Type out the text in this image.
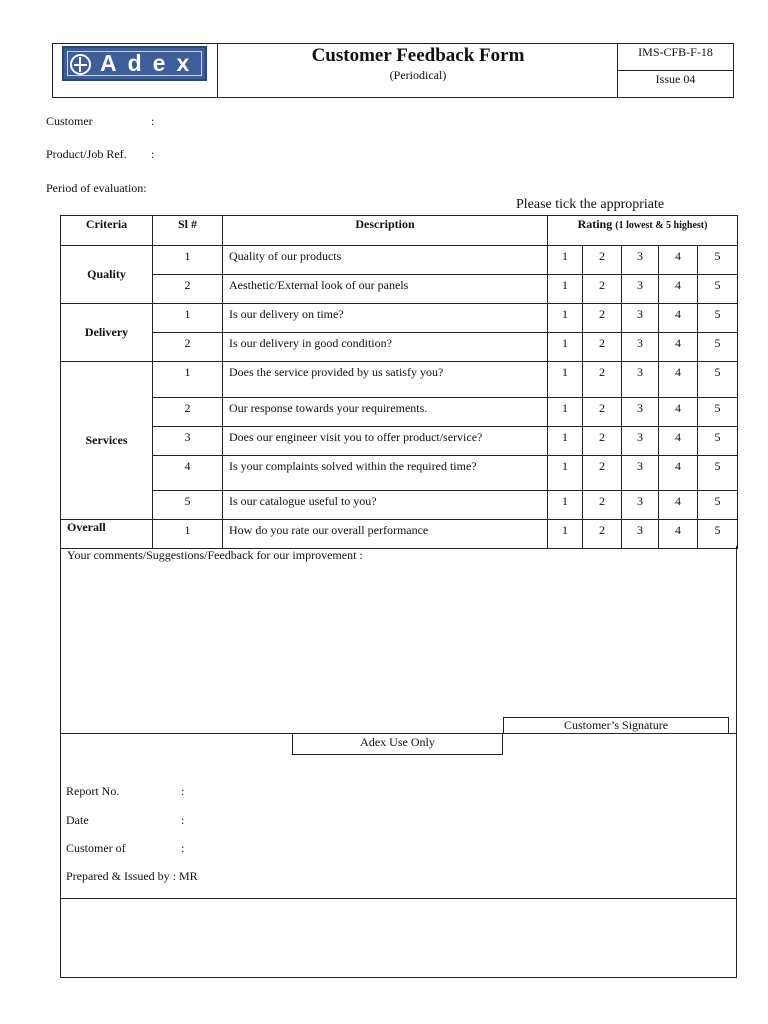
Adex	Customer Feedback Form
(Periodical)
IMS-CFB-F-18
Issue 04
Customer	:
Product/Job Ref. :
Period of evaluation:
Please tick the appropriate
Criteria	Sl #	Description	Rating (1 lowest & 5 highest)				
Quality	1	Quality of our products	1	2	3	4	5
	2	Aesthetic/External look of our panels	1	2	3	4	5
Delivery	1	Is our delivery on time?	1	2	3	4	5
	2	Is our delivery in good condition?	1	2	3	4	5
Services	1	Does the service provided by us satisfy you?	1	2	3	4	5
	2	Our response towards your requirements.	1	2	3	4	5
	3	Does our engineer visit you to offer product/service?	1	2	3	4	5
	4	Is your complaints solved within the required time?	1	2	3	4	5
	5	Is our catalogue useful to you?	1	2	3	4	5
Overall	1	How do you rate our overall performance	1	2	3	4	5
Your comments/Suggestions/Feedback for our improvement :
Customer’s Signature
Adex Use Only
Report No.	:
Date	:
Customer of	:
Prepared & Issued by : MR
